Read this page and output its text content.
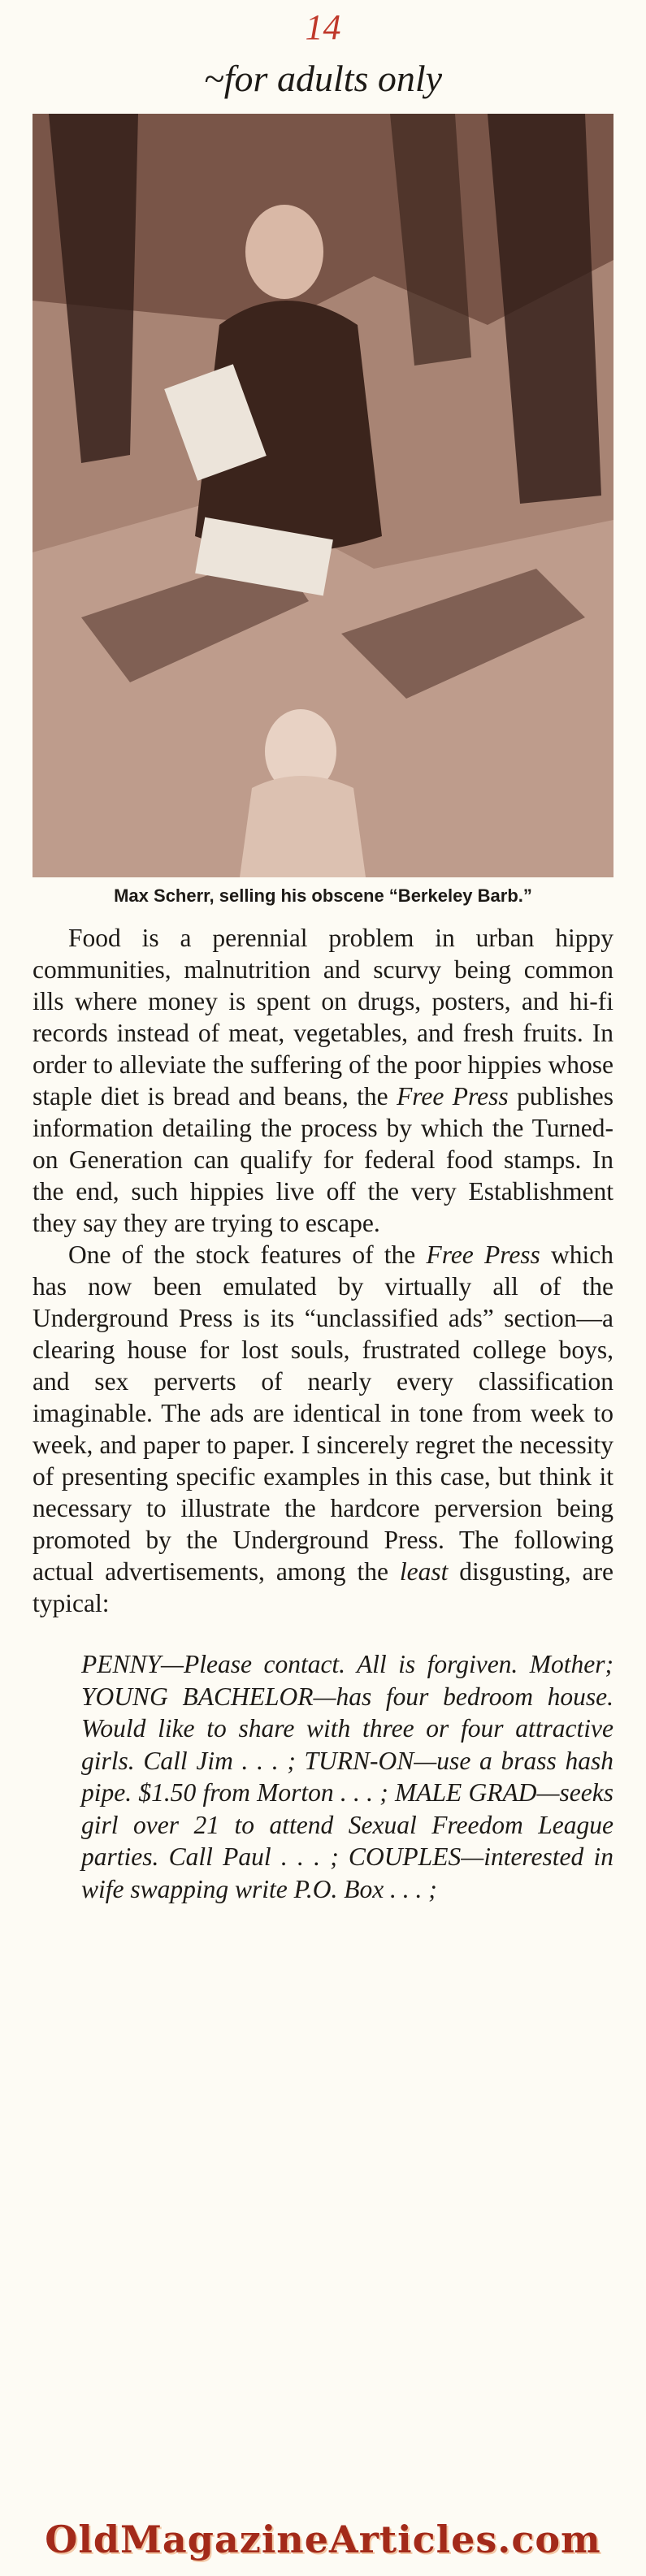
14
~for adults only
Max Scherr, selling his obscene “Berkeley Barb.”

Food is a perennial problem in urban hippy communities, malnutrition and scurvy being common ills where money is spent on drugs, posters, and hi-fi records instead of meat, vegetables, and fresh fruits. In order to alleviate the suffering of the poor hippies whose staple diet is bread and beans, the Free Press publishes information detailing the process by which the Turned-on Generation can qualify for federal food stamps. In the end, such hippies live off the very Establishment they say they are trying to escape.

One of the stock features of the Free Press which has now been emulated by virtually all of the Underground Press is its “unclassified ads” section—a clearing house for lost souls, frustrated college boys, and sex perverts of nearly every classification imaginable. The ads are identical in tone from week to week, and paper to paper. I sincerely regret the necessity of presenting specific examples in this case, but think it necessary to illustrate the hardcore perversion being promoted by the Underground Press. The following actual advertisements, among the least disgusting, are typical:

PENNY—Please contact. All is forgiven. Mother; YOUNG BACHELOR—has four bedroom house. Would like to share with three or four attractive girls. Call Jim . . . ; TURN-ON—use a brass hash pipe. $1.50 from Morton . . . ; MALE GRAD—seeks girl over 21 to attend Sexual Freedom League parties. Call Paul . . . ; COUPLES—interested in wife swapping write P.O. Box . . . ;
OldMagazineArticles.com
